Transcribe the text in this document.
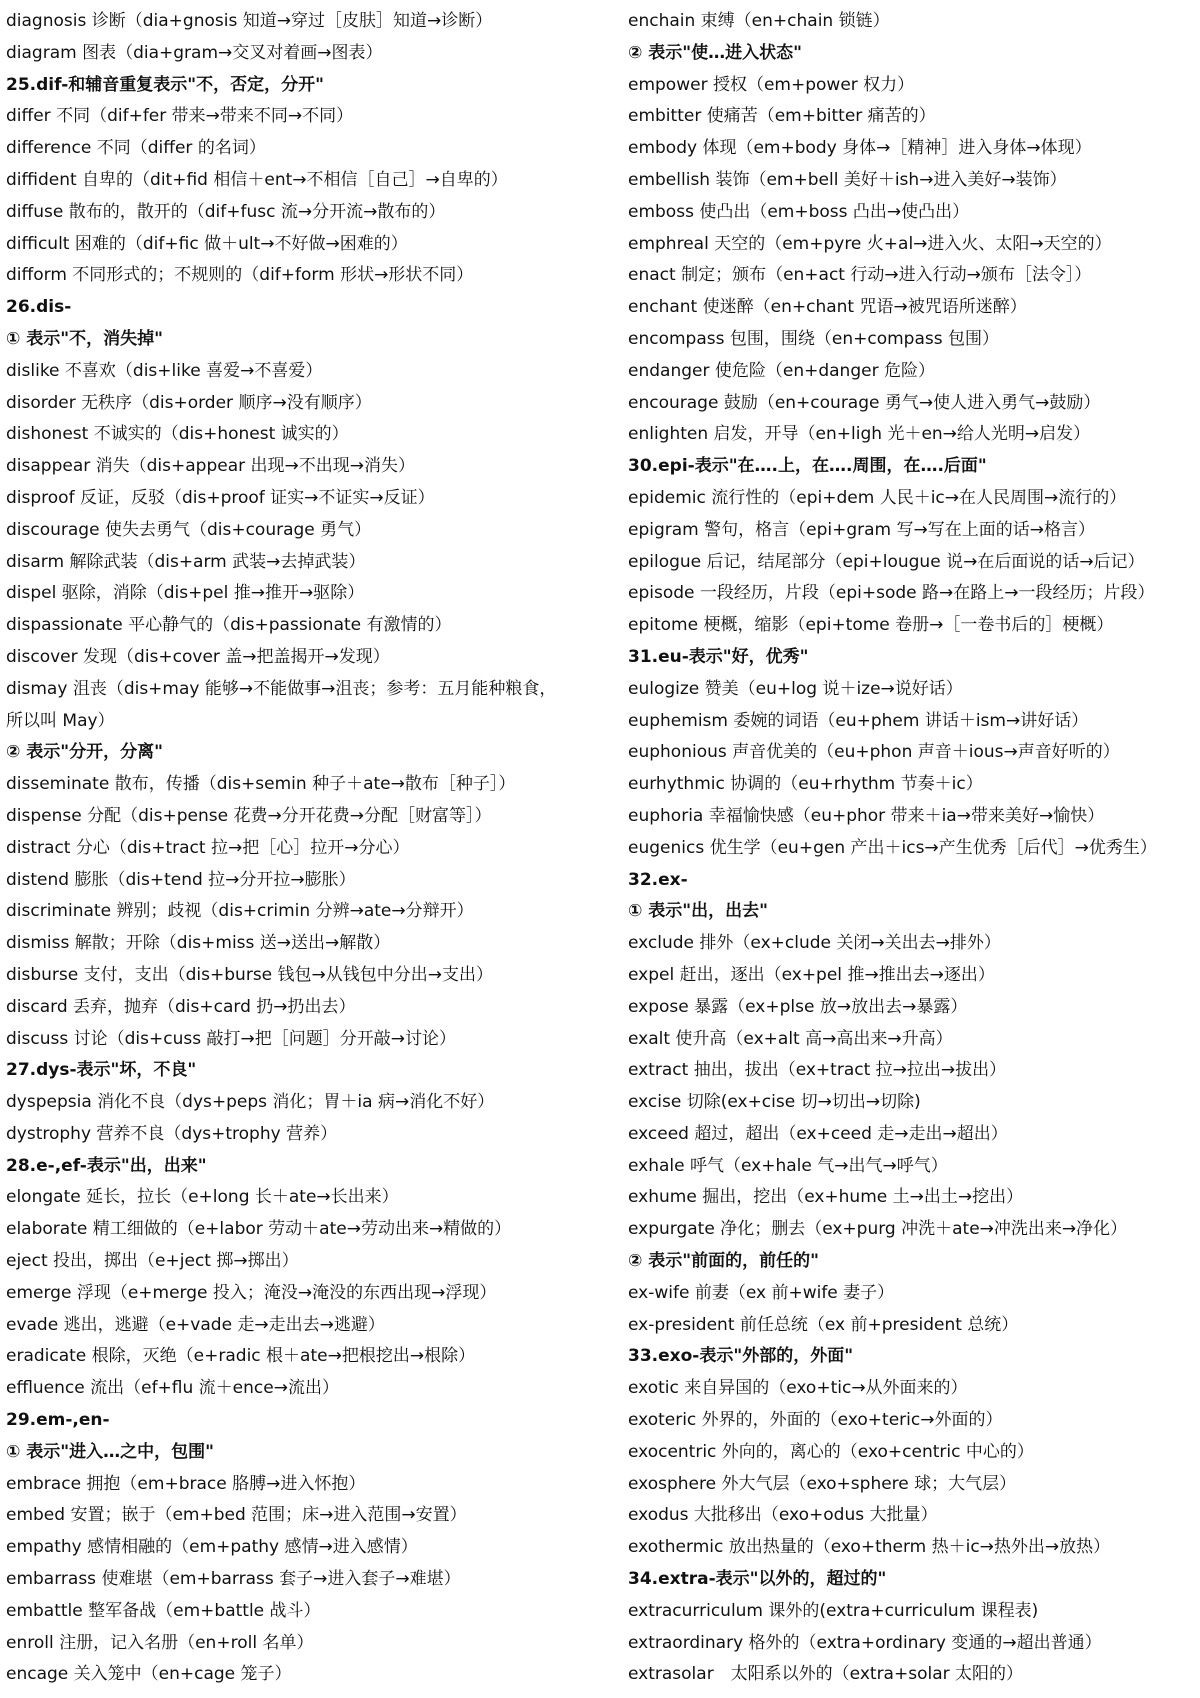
diagnosis 诊断（dia+gnosis 知道→穿过［皮肤］知道→诊断）
diagram 图表（dia+gram→交叉对着画→图表）
25.dif-和辅音重复表示"不，否定，分开"
differ 不同（dif+fer 带来→带来不同→不同）
difference 不同（differ 的名词）
diffident 自卑的（dit+fid 相信＋ent→不相信［自己］→自卑的）
diffuse 散布的，散开的（dif+fusc 流→分开流→散布的）
difficult 困难的（dif+fic 做＋ult→不好做→困难的）
difform 不同形式的；不规则的（dif+form 形状→形状不同）
26.dis-
① 表示"不，消失掉"
dislike 不喜欢（dis+like 喜爱→不喜爱）
disorder 无秩序（dis+order 顺序→没有顺序）
dishonest 不诚实的（dis+honest 诚实的）
disappear 消失（dis+appear 出现→不出现→消失）
disproof 反证，反驳（dis+proof 证实→不证实→反证）
discourage 使失去勇气（dis+courage 勇气）
disarm 解除武装（dis+arm 武装→去掉武装）
dispel 驱除，消除（dis+pel 推→推开→驱除）
dispassionate 平心静气的（dis+passionate 有激情的）
discover 发现（dis+cover 盖→把盖揭开→发现）
dismay 沮丧（dis+may 能够→不能做事→沮丧；参考：五月能种粮食，
所以叫 May）
② 表示"分开，分离"
disseminate 散布，传播（dis+semin 种子＋ate→散布［种子］）
dispense 分配（dis+pense 花费→分开花费→分配［财富等］）
distract 分心（dis+tract 拉→把［心］拉开→分心）
distend 膨胀（dis+tend 拉→分开拉→膨胀）
discriminate 辨别；歧视（dis+crimin 分辨→ate→分辩开）
dismiss 解散；开除（dis+miss 送→送出→解散）
disburse 支付，支出（dis+burse 钱包→从钱包中分出→支出）
discard 丢弃，抛弃（dis+card 扔→扔出去）
discuss 讨论（dis+cuss 敲打→把［问题］分开敲→讨论）
27.dys-表示"坏，不良"
dyspepsia 消化不良（dys+peps 消化；胃＋ia 病→消化不好）
dystrophy 营养不良（dys+trophy 营养）
28.e-,ef-表示"出，出来"
elongate 延长，拉长（e+long 长＋ate→长出来）
elaborate 精工细做的（e+labor 劳动＋ate→劳动出来→精做的）
eject 投出，掷出（e+ject 掷→掷出）
emerge 浮现（e+merge 投入；淹没→淹没的东西出现→浮现）
evade 逃出，逃避（e+vade 走→走出去→逃避）
eradicate 根除，灭绝（e+radic 根＋ate→把根挖出→根除）
effluence 流出（ef+flu 流＋ence→流出）
29.em-,en-
① 表示"进入…之中，包围"
embrace 拥抱（em+brace 胳膊→进入怀抱）
embed 安置；嵌于（em+bed 范围；床→进入范围→安置）
empathy 感情相融的（em+pathy 感情→进入感情）
embarrass 使难堪（em+barrass 套子→进入套子→难堪）
embattle 整军备战（em+battle 战斗）
enroll 注册，记入名册（en+roll 名单）
encage 关入笼中（en+cage 笼子）
enchain 束缚（en+chain 锁链）
② 表示"使…进入状态"
empower 授权（em+power 权力）
embitter 使痛苦（em+bitter 痛苦的）
embody 体现（em+body 身体→［精神］进入身体→体现）
embellish 装饰（em+bell 美好＋ish→进入美好→装饰）
emboss 使凸出（em+boss 凸出→使凸出）
emphreal 天空的（em+pyre 火+al→进入火、太阳→天空的）
enact 制定；颁布（en+act 行动→进入行动→颁布［法令］）
enchant 使迷醉（en+chant 咒语→被咒语所迷醉）
encompass 包围，围绕（en+compass 包围）
endanger 使危险（en+danger 危险）
encourage 鼓励（en+courage 勇气→使人进入勇气→鼓励）
enlighten 启发，开导（en+ligh 光＋en→给人光明→启发）
30.epi-表示"在….上，在….周围，在….后面"
epidemic 流行性的（epi+dem 人民＋ic→在人民周围→流行的）
epigram 警句，格言（epi+gram 写→写在上面的话→格言）
epilogue 后记，结尾部分（epi+lougue 说→在后面说的话→后记）
episode 一段经历，片段（epi+sode 路→在路上→一段经历；片段）
epitome 梗概，缩影（epi+tome 卷册→［一卷书后的］梗概）
31.eu-表示"好，优秀"
eulogize 赞美（eu+log 说＋ize→说好话）
euphemism 委婉的词语（eu+phem 讲话＋ism→讲好话）
euphonious 声音优美的（eu+phon 声音＋ious→声音好听的）
eurhythmic 协调的（eu+rhythm 节奏＋ic）
euphoria 幸福愉快感（eu+phor 带来＋ia→带来美好→愉快）
eugenics 优生学（eu+gen 产出＋ics→产生优秀［后代］→优秀生）
32.ex-
① 表示"出，出去"
exclude 排外（ex+clude 关闭→关出去→排外）
expel 赶出，逐出（ex+pel 推→推出去→逐出）
expose 暴露（ex+plse 放→放出去→暴露）
exalt 使升高（ex+alt 高→高出来→升高）
extract 抽出，拔出（ex+tract 拉→拉出→拔出）
excise 切除(ex+cise 切→切出→切除)
exceed 超过，超出（ex+ceed 走→走出→超出）
exhale 呼气（ex+hale 气→出气→呼气）
exhume 掘出，挖出（ex+hume 土→出土→挖出）
expurgate 净化；删去（ex+purg 冲洗＋ate→冲洗出来→净化）
② 表示"前面的，前任的"
ex-wife 前妻（ex 前+wife 妻子）
ex-president 前任总统（ex 前+president 总统）
33.exo-表示"外部的，外面"
exotic 来自异国的（exo+tic→从外面来的）
exoteric 外界的，外面的（exo+teric→外面的）
exocentric 外向的，离心的（exo+centric 中心的）
exosphere 外大气层（exo+sphere 球；大气层）
exodus 大批移出（exo+odus 大批量）
exothermic 放出热量的（exo+therm 热＋ic→热外出→放热）
34.extra-表示"以外的，超过的"
extracurriculum 课外的(extra+curriculum 课程表)
extraordinary 格外的（extra+ordinary 变通的→超出普通）
extrasolar　太阳系以外的（extra+solar 太阳的）
